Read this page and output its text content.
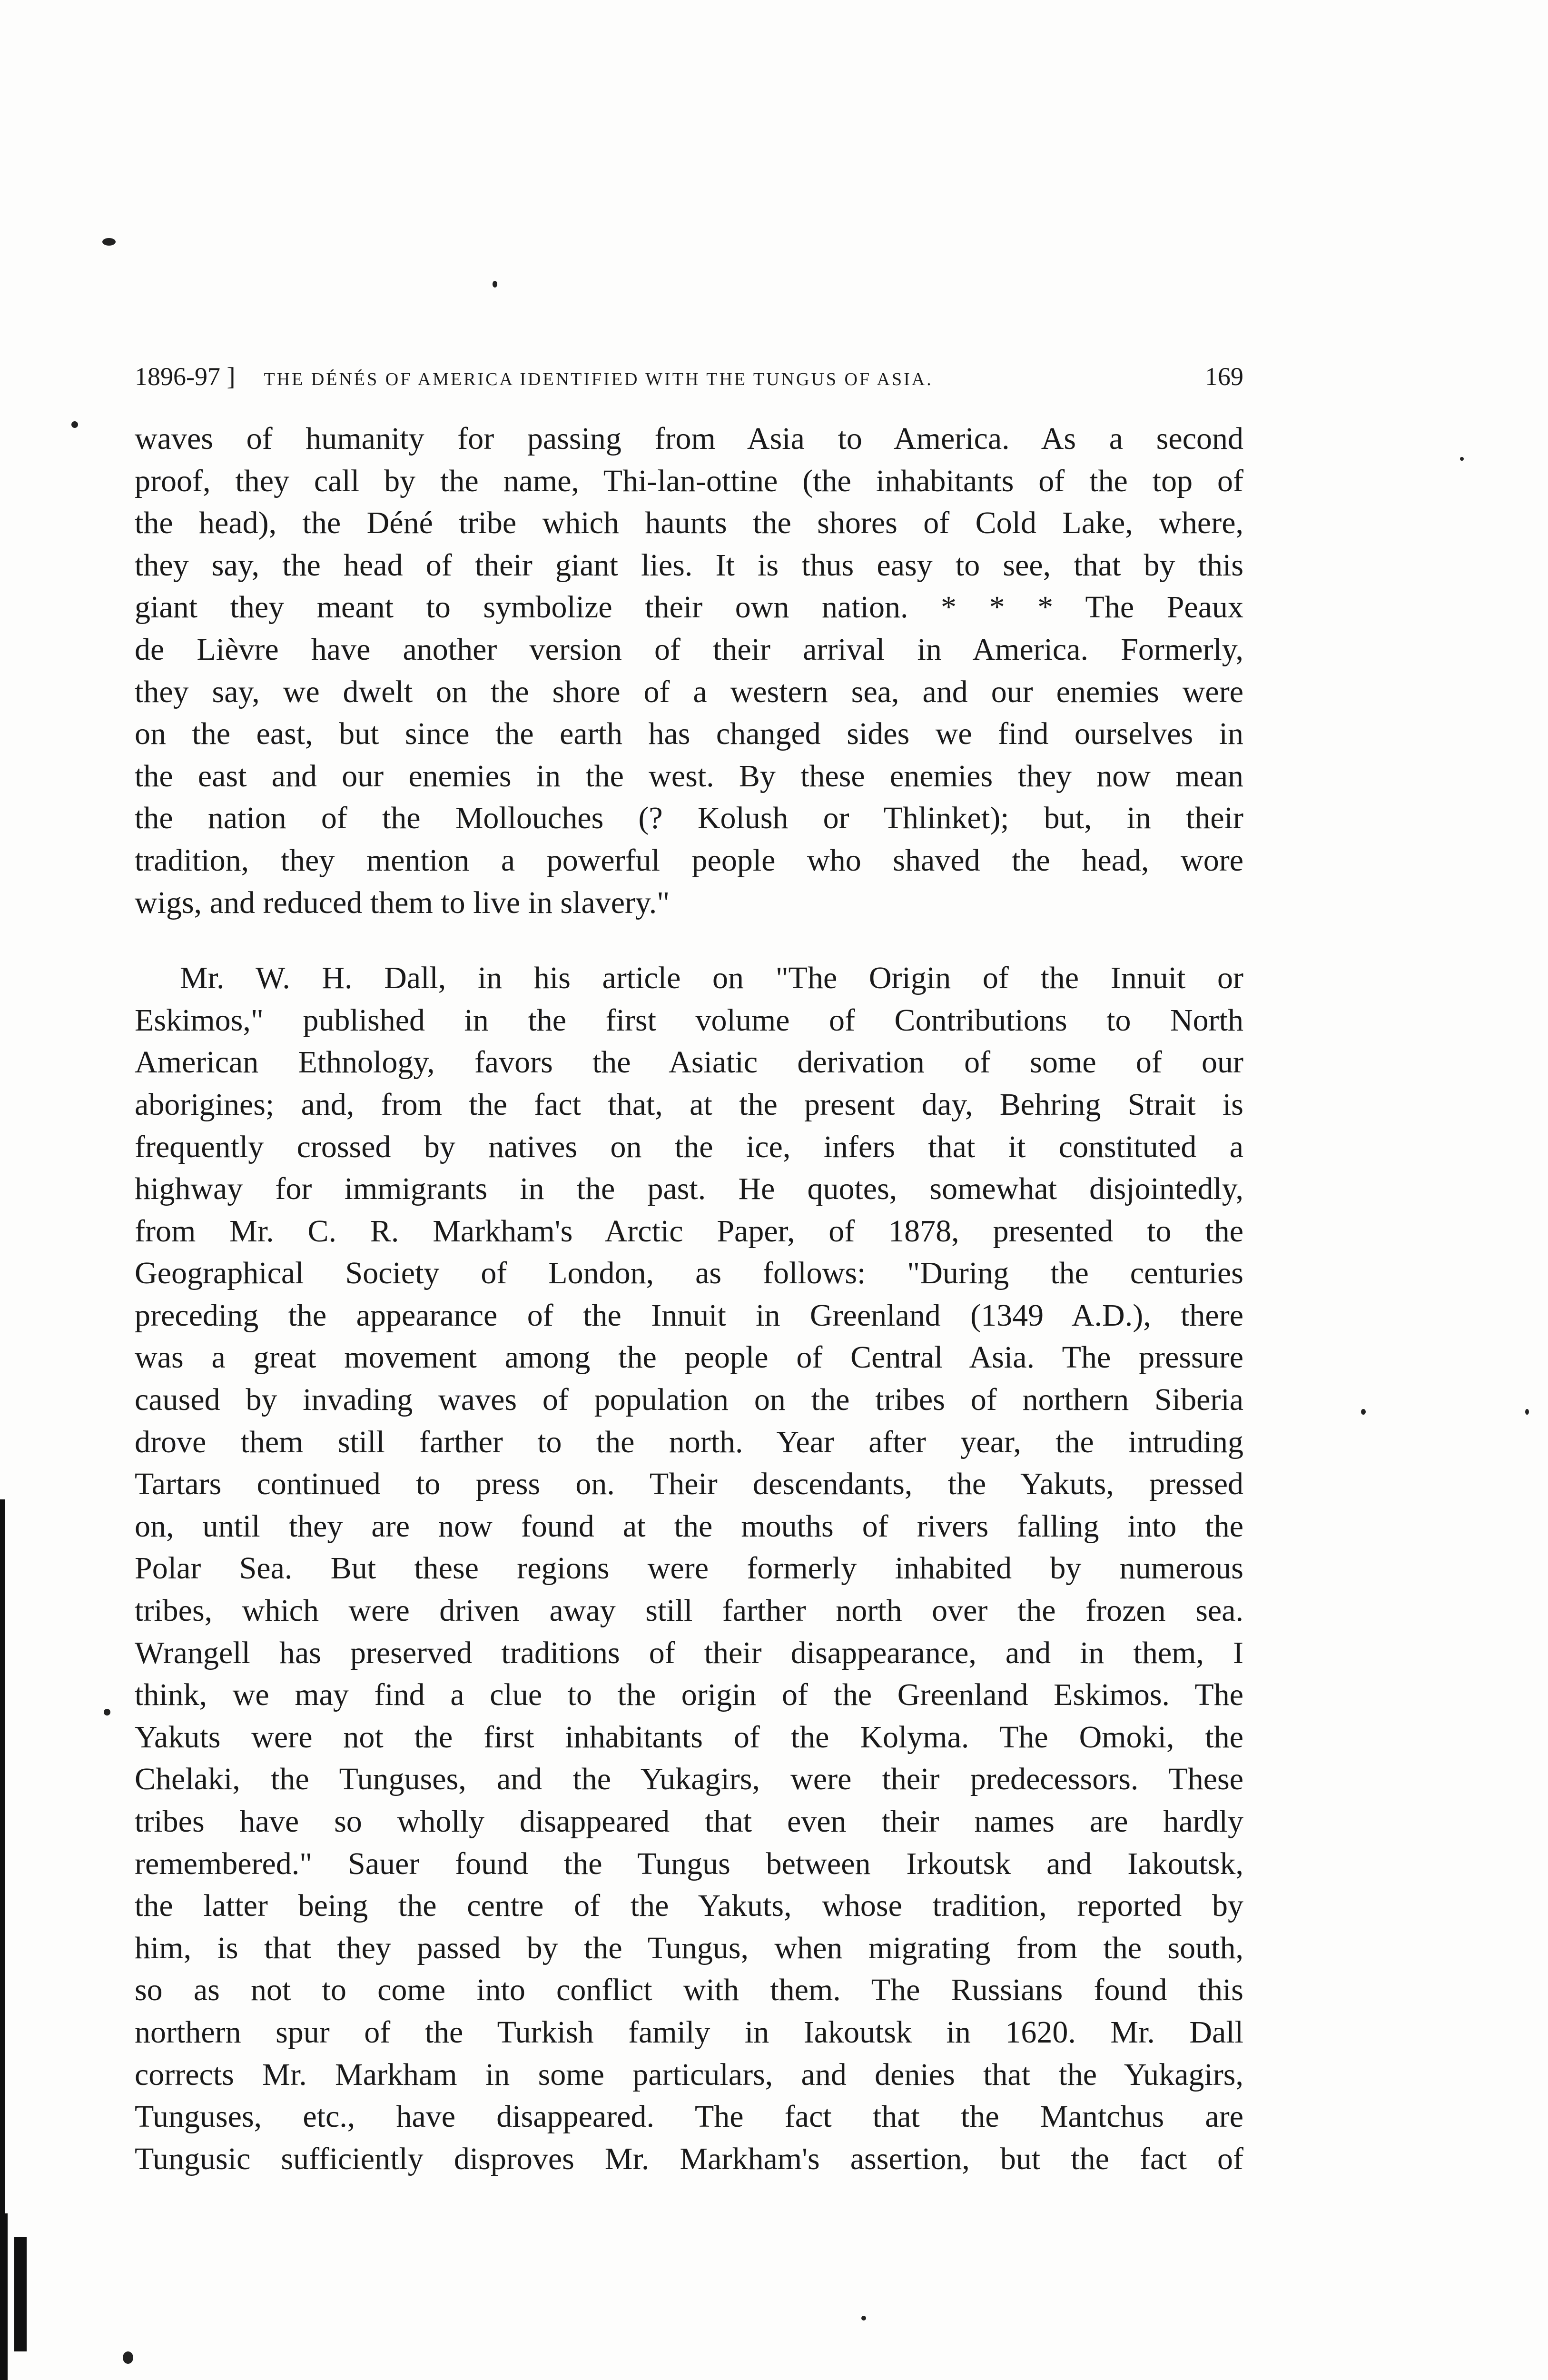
1896-97 ] THE DÉNÉS OF AMERICA IDENTIFIED WITH THE TUNGUS OF ASIA.	169
waves of humanity for passing from Asia to America. As a second
proof, they call by the name, Thi-lan-ottine (the inhabitants of the top of
the head), the Déné tribe which haunts the shores of Cold Lake, where,
they say, the head of their giant lies. It is thus easy to see, that by this
giant they meant to symbolize their own nation. * * * The Peaux
de Lièvre have another version of their arrival in America. Formerly,
they say, we dwelt on the shore of a western sea, and our enemies were
on the east, but since the earth has changed sides we find ourselves in
the east and our enemies in the west. By these enemies they now mean
the nation of the Mollouches (? Kolush or Thlinket); but, in their
tradition, they mention a powerful people who shaved the head, wore
wigs, and reduced them to live in slavery."
Mr. W. H. Dall, in his article on "The Origin of the Innuit or
Eskimos," published in the first volume of Contributions to North
American Ethnology, favors the Asiatic derivation of some of our
aborigines; and, from the fact that, at the present day, Behring Strait is
frequently crossed by natives on the ice, infers that it constituted a
highway for immigrants in the past. He quotes, somewhat disjointedly,
from Mr. C. R. Markham's Arctic Paper, of 1878, presented to the
Geographical Society of London, as follows: "During the centuries
preceding the appearance of the Innuit in Greenland (1349 A.D.), there
was a great movement among the people of Central Asia. The pressure
caused by invading waves of population on the tribes of northern Siberia
drove them still farther to the north. Year after year, the intruding
Tartars continued to press on. Their descendants, the Yakuts, pressed
on, until they are now found at the mouths of rivers falling into the
Polar Sea. But these regions were formerly inhabited by numerous
tribes, which were driven away still farther north over the frozen sea.
Wrangell has preserved traditions of their disappearance, and in them, I
think, we may find a clue to the origin of the Greenland Eskimos. The
Yakuts were not the first inhabitants of the Kolyma. The Omoki, the
Chelaki, the Tunguses, and the Yukagirs, were their predecessors. These
tribes have so wholly disappeared that even their names are hardly
remembered." Sauer found the Tungus between Irkoutsk and Iakoutsk,
the latter being the centre of the Yakuts, whose tradition, reported by
him, is that they passed by the Tungus, when migrating from the south,
so as not to come into conflict with them. The Russians found this
northern spur of the Turkish family in Iakoutsk in 1620. Mr. Dall
corrects Mr. Markham in some particulars, and denies that the Yukagirs,
Tunguses, etc., have disappeared. The fact that the Mantchus are
Tungusic sufficiently disproves Mr. Markham's assertion, but the fact of
